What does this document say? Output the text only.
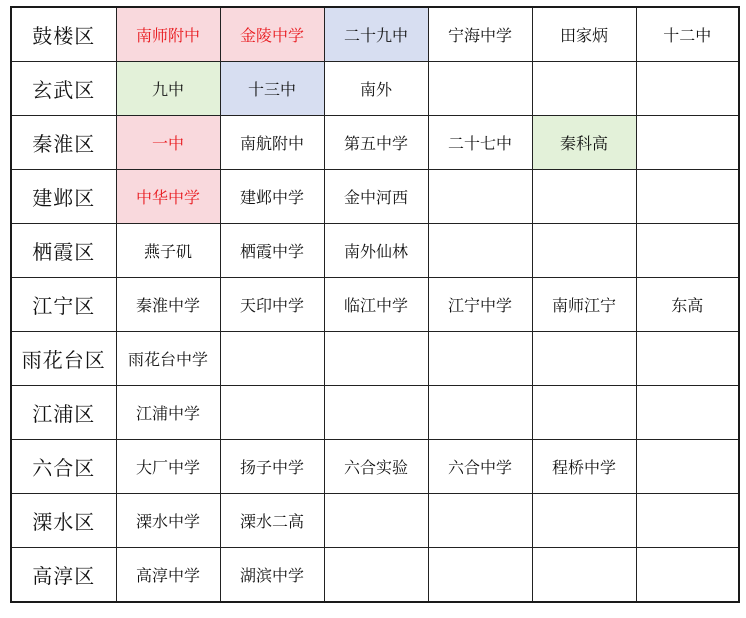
鼓楼区	南师附中	金陵中学	二十九中	宁海中学	田家炳	十二中
玄武区	九中	十三中	南外			
秦淮区	一中	南航附中	第五中学	二十七中	秦科高	
建邺区	中华中学	建邺中学	金中河西			
栖霞区	燕子矶	栖霞中学	南外仙林			
江宁区	秦淮中学	天印中学	临江中学	江宁中学	南师江宁	东高
雨花台区	雨花台中学					
江浦区	江浦中学					
六合区	大厂中学	扬子中学	六合实验	六合中学	程桥中学	
溧水区	溧水中学	溧水二高				
高淳区	高淳中学	湖滨中学				
